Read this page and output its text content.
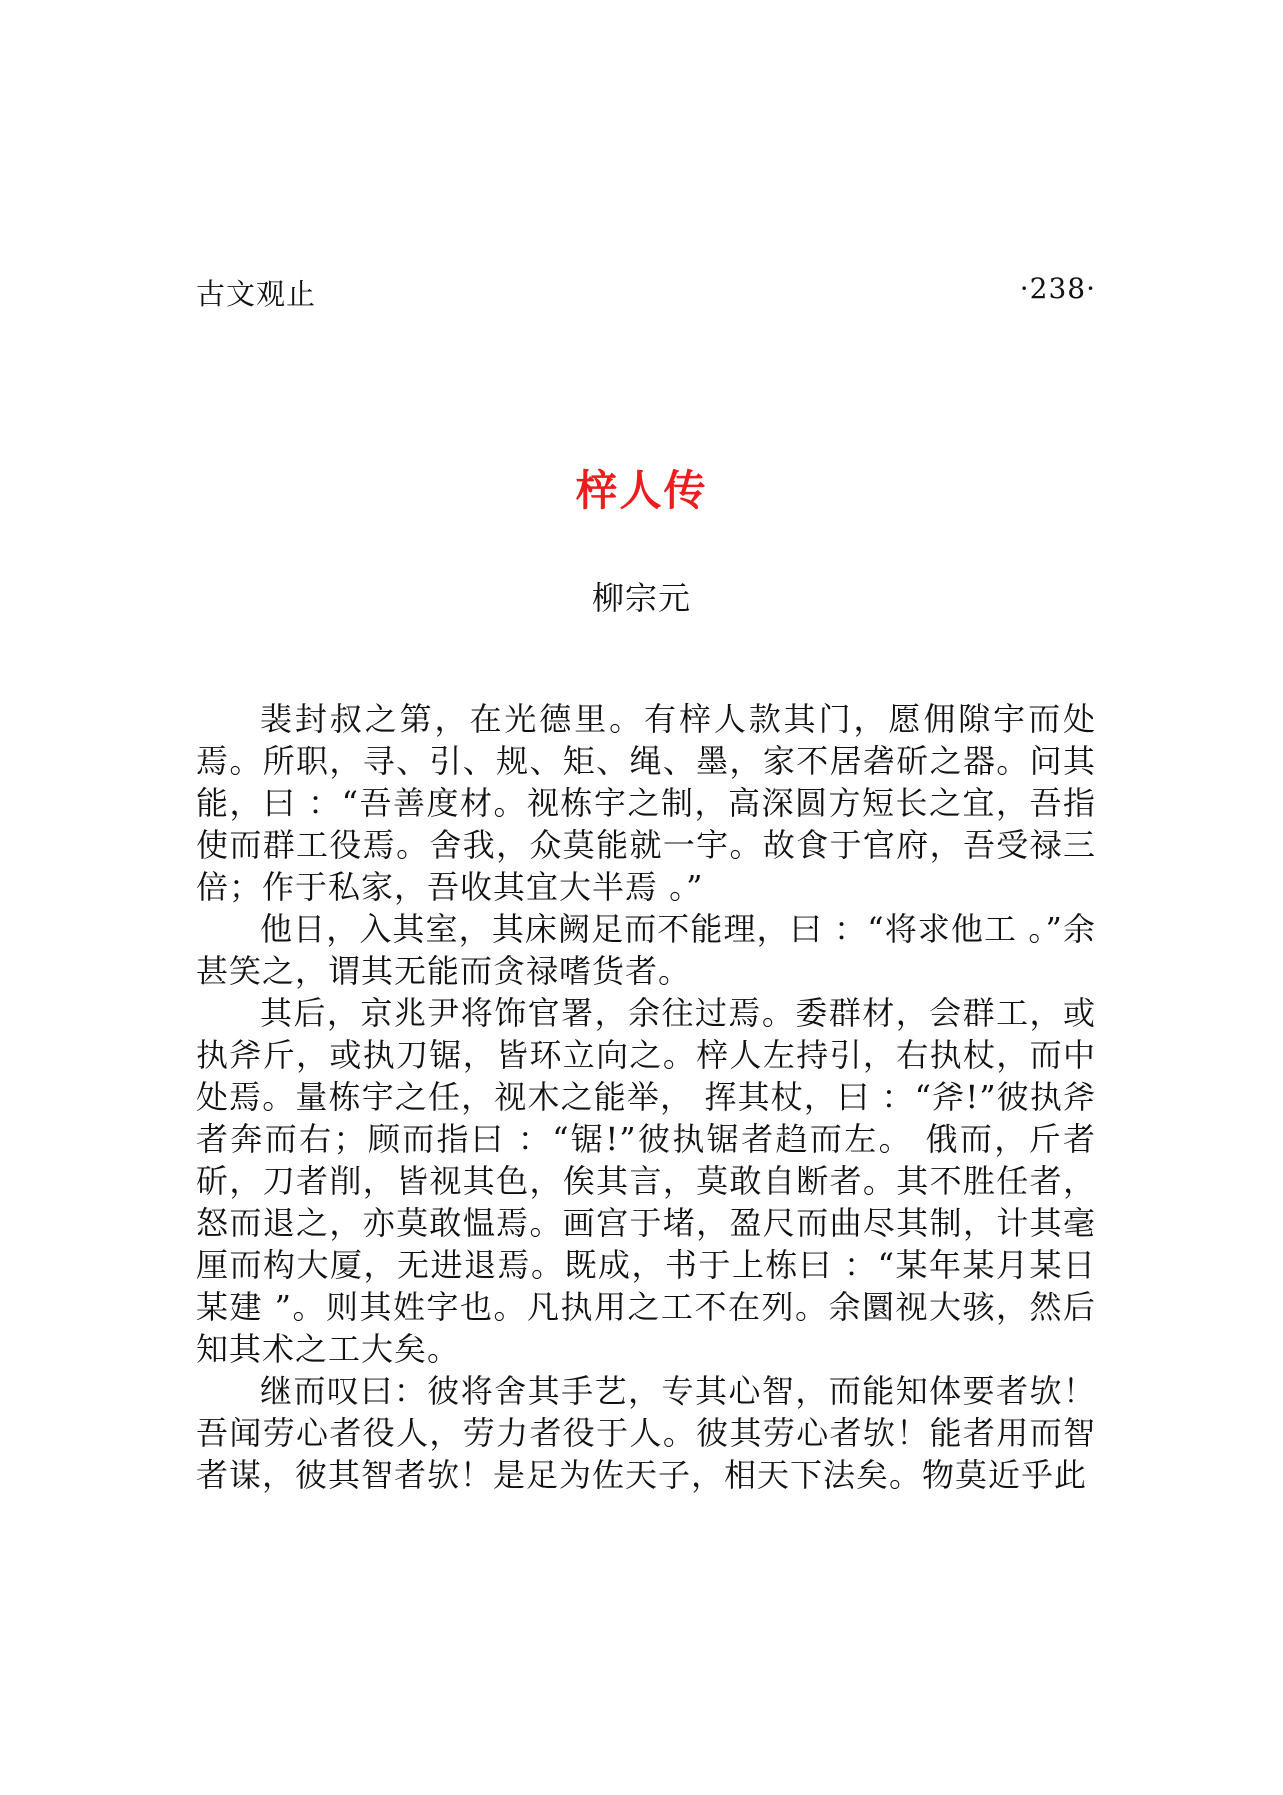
古文观止	·238·
梓人传
柳宗元

裴封叔之第，在光德里。有梓人款其门，愿佣隙宇而处焉。所职，寻、引、规、矩、绳、墨，家不居砻斫之器。问其能，曰 ：“吾善度材。视栋宇之制，高深圆方短长之宜，吾指使而群工役焉。舍我，众莫能就一宇。故食于官府，吾受禄三倍；作于私家，吾收其宜大半焉 。”

他日，入其室，其床阙足而不能理，曰 ：“将求他工 。”余甚笑之，谓其无能而贪禄嗜货者。

其后，京兆尹将饰官署，余往过焉。委群材，会群工，或执斧斤，或执刀锯，皆环立向之。梓人左持引，右执杖，而中处焉。量栋宇之任，视木之能举， 挥其杖，曰 ：“斧!”彼执斧者奔而右；顾而指曰 ：“锯!”彼执锯者趋而左。 俄而，斤者斫，刀者削，皆视其色，俟其言，莫敢自断者。其不胜任者，怒而退之，亦莫敢愠焉。画宫于堵，盈尺而曲尽其制，计其毫厘而构大厦，无进退焉。既成，书于上栋曰 ：“某年某月某日某建 ”。则其姓字也。凡执用之工不在列。余圜视大骇，然后知其术之工大矣。

继而叹曰：彼将舍其手艺，专其心智，而能知体要者欤！吾闻劳心者役人，劳力者役于人。彼其劳心者欤！能者用而智者谋，彼其智者欤！是足为佐天子，相天下法矣。物莫近乎此
